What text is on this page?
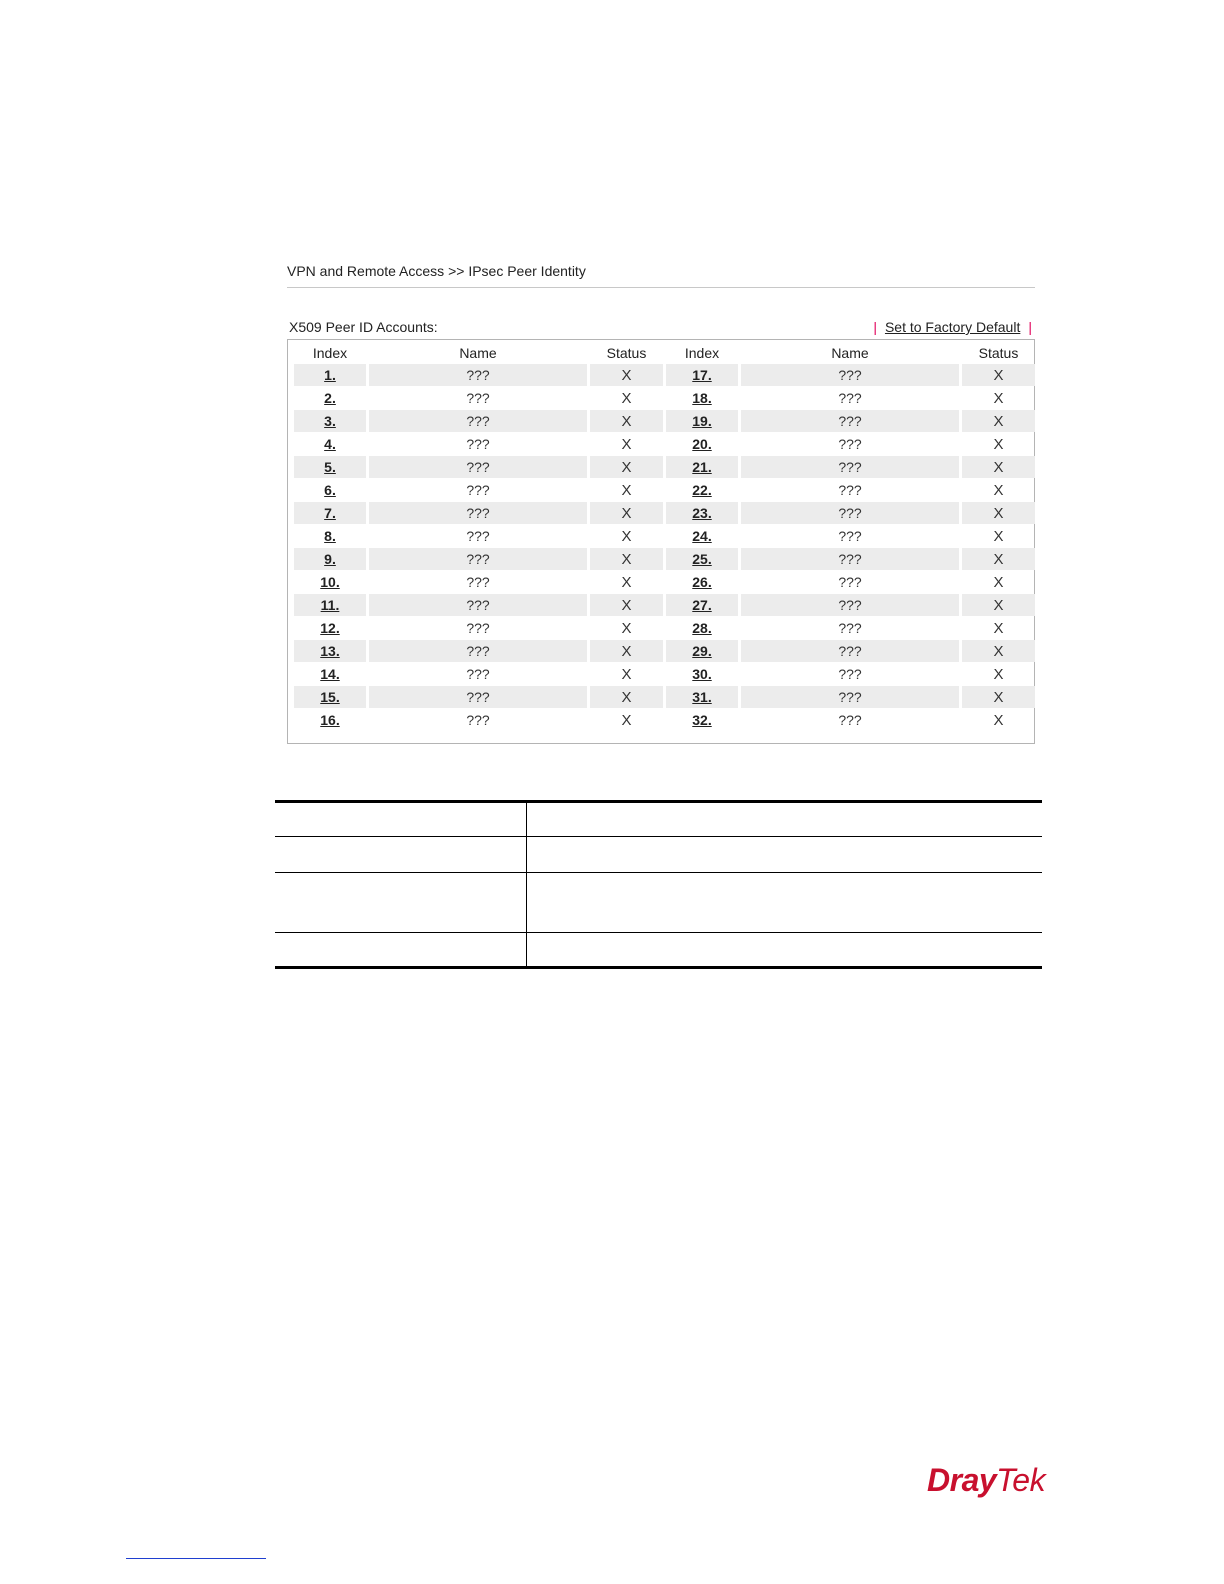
VPN and Remote Access >> IPsec Peer Identity
X509 Peer ID Accounts:	| Set to Factory Default |
Index	Name	Status	Index	Name	Status
1.	???	X	17.	???	X
2.	???	X	18.	???	X
3.	???	X	19.	???	X
4.	???	X	20.	???	X
5.	???	X	21.	???	X
6.	???	X	22.	???	X
7.	???	X	23.	???	X
8.	???	X	24.	???	X
9.	???	X	25.	???	X
10.	???	X	26.	???	X
11.	???	X	27.	???	X
12.	???	X	28.	???	X
13.	???	X	29.	???	X
14.	???	X	30.	???	X
15.	???	X	31.	???	X
16.	???	X	32.	???	X

DrayTek
